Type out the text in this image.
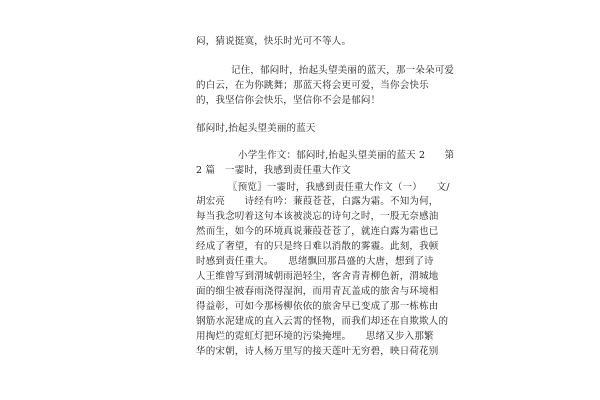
闷，猜说挺寞，快乐时光可不等人。
记住，郁闷时，抬起头望美丽的蓝天，那一朵朵可爱
的白云，在为你跳舞；那蓝天将会更可爱，当你会快乐
的，我坚信你会快乐，坚信你不会是郁闷！
郁闷时,抬起头望美丽的蓝天
小学生作文：郁闷时,抬起头望美丽的蓝天 2　　第
2 篇　一霎时，我感到责任重大作文
〖预览〗一霎时，我感到责任重大作文（一）　　文/
胡宏亮　　诗经有吟：蒹葭苍苍，白露为霜。不知为何，
每当我念叨着这句本该被淡忘的诗句之时，一股无奈感油
然而生，如今的环境真说蒹葭苍苍了，就连白露为霜也已
经成了奢望，有的只是终日难以消散的雾霾。此刻，我顿
时感到责任重大。　　思绪飘回那昌盛的大唐，想到了诗
人王维曾写到渭城朝雨浥轻尘，客舍青青柳色新，渭城地
面的细尘被春雨浇得湿润，而用青瓦盖成的旅舍与环境相
得益彰，可如今那杨柳依依的旅舍早已变成了那一栋栋由
钢筋水泥建成的直入云霄的怪物，而我们却还在自欺欺人的
用掏烂的霓虹灯把环境的污染掩埋。　　思绪又步入那繁
华的宋朝，诗人杨万里写的接天莲叶无穷碧，映日荷花别
